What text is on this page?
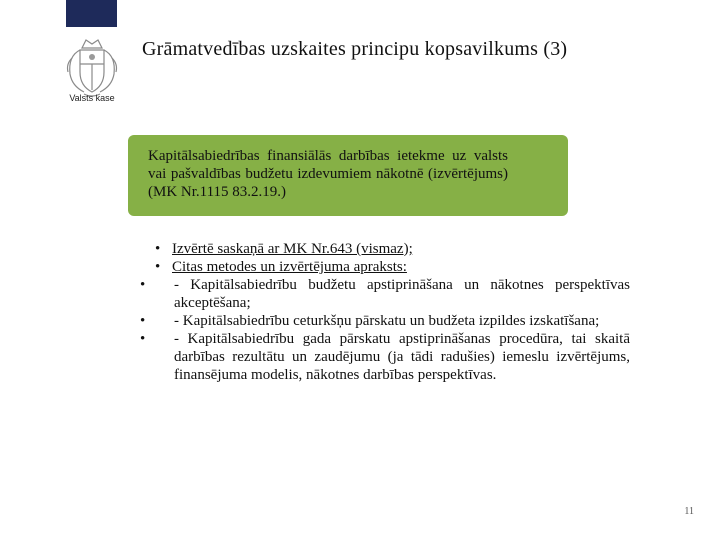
Valsts kase
Grāmatvedības uzskaites principu kopsavilkums (3)
Kapitālsabiedrības finansiālās darbības ietekme uz valsts vai pašvaldības budžetu izdevumiem nākotnē (izvērtējums) (MK Nr.1115 83.2.19.)
• Izvērtē saskaņā ar MK Nr.643 (vismaz);
• Citas metodes un izvērtējuma apraksts:
• - Kapitālsabiedrību budžetu apstiprināšana un nākotnes perspektīvas akceptēšana;
• - Kapitālsabiedrību ceturkšņu pārskatu un budžeta izpildes izskatīšana;
• - Kapitālsabiedrību gada pārskatu apstiprināšanas procedūra, tai skaitā darbības rezultātu un zaudējumu (ja tādi radušies) iemeslu izvērtējums, finansējuma modelis, nākotnes darbības perspektīvas.
11
